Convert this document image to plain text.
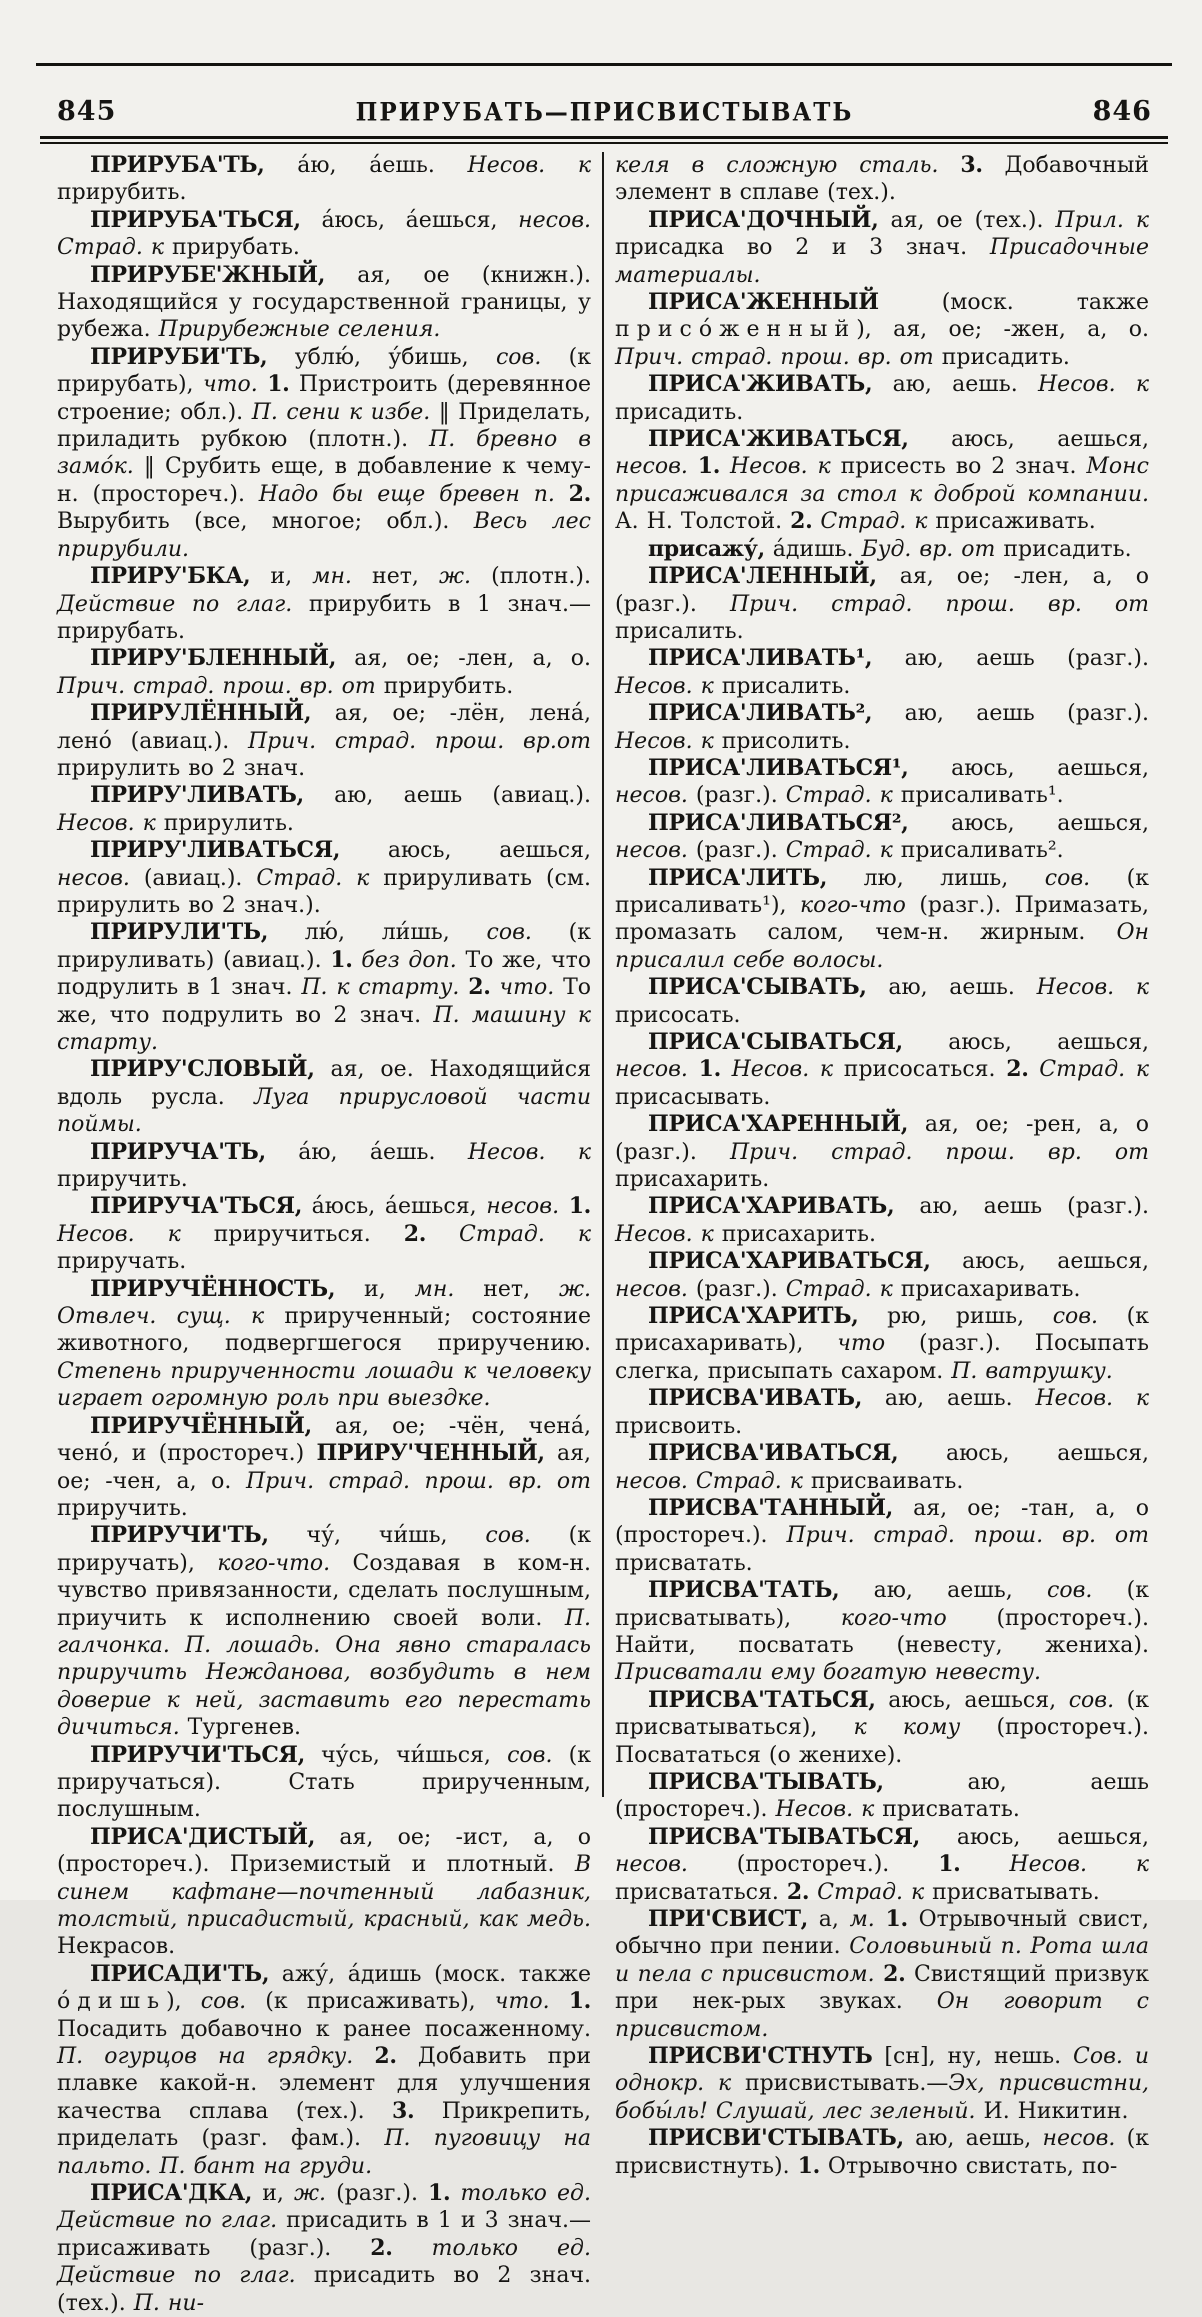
845	ПРИРУБАТЬ—ПРИСВИСТЫВАТЬ	846

ПРИРУБА'ТЬ, а́ю, а́ешь. Несов. к прирубить.

ПРИРУБА'ТЬСЯ, а́юсь, а́ешься, несов. Страд. к прирубать.

ПРИРУБЕ'ЖНЫЙ, ая, ое (книжн.). Находящийся у государственной границы, у рубежа. Прирубежные селения.

ПРИРУБИ'ТЬ, ублю́, у́бишь, сов. (к прирубать), что. 1. Пристроить (деревянное строение; обл.). П. сени к избе. ‖ Приделать, приладить рубкою (плотн.). П. бревно в замо́к. ‖ Срубить еще, в добавление к чему-н. (простореч.). Надо бы еще бревен п. 2. Вырубить (все, многое; обл.). Весь лес прирубили.

ПРИРУ'БКА, и, мн. нет, ж. (плотн.). Действие по глаг. прирубить в 1 знач.—прирубать.

ПРИРУ'БЛЕННЫЙ, ая, ое; -лен, а, о. Прич. страд. прош. вр. от прирубить.

ПРИРУЛЁННЫЙ, ая, ое; -лён, лена́, лено́ (авиац.). Прич. страд. прош. вр.от прирулить во 2 знач.

ПРИРУ'ЛИВАТЬ, аю, аешь (авиац.). Несов. к прирулить.

ПРИРУ'ЛИВАТЬСЯ, аюсь, аешься, несов. (авиац.). Страд. к прируливать (см. прирулить во 2 знач.).

ПРИРУЛИ'ТЬ, лю́, ли́шь, сов. (к прируливать) (авиац.). 1. без доп. То же, что подрулить в 1 знач. П. к старту. 2. что. То же, что подрулить во 2 знач. П. машину к старту.

ПРИРУ'СЛОВЫЙ, ая, ое. Находящийся вдоль русла. Луга прирусловой части поймы.

ПРИРУЧА'ТЬ, а́ю, а́ешь. Несов. к приручить.

ПРИРУЧА'ТЬСЯ, а́юсь, а́ешься, несов. 1. Несов. к приручиться. 2. Страд. к приручать.

ПРИРУЧЁННОСТЬ, и, мн. нет, ж. Отвлеч. сущ. к прирученный; состояние животного, подвергшегося приручению. Степень прирученности лошади к человеку играет огромную роль при выездке.

ПРИРУЧЁННЫЙ, ая, ое; -чён, чена́, чено́, и (простореч.) ПРИРУ'ЧЕННЫЙ, ая, ое; -чен, а, о. Прич. страд. прош. вр. от приручить.

ПРИРУЧИ'ТЬ, чу́, чи́шь, сов. (к приручать), кого-что. Создавая в ком-н. чувство привязанности, сделать послушным, приучить к исполнению своей воли. П. галчонка. П. лошадь. Она явно старалась приручить Нежданова, возбудить в нем доверие к ней, заставить его перестать дичиться. Тургенев.

ПРИРУЧИ'ТЬСЯ, чу́сь, чи́шься, сов. (к приручаться). Стать прирученным, послушным.

ПРИСА'ДИСТЫЙ, ая, ое; -ист, а, о (простореч.). Приземистый и плотный. В синем кафтане—почтенный лабазник, толстый, присадистый, красный, как медь. Некрасов.

ПРИСАДИ'ТЬ, ажу́, а́дишь (моск. также о́дишь), сов. (к присаживать), что. 1. Посадить добавочно к ранее посаженному. П. огурцов на грядку. 2. Добавить при плавке какой-н. элемент для улучшения качества сплава (тех.). 3. Прикрепить, приделать (разг. фам.). П. пуговицу на пальто. П. бант на груди.

ПРИСА'ДКА, и, ж. (разг.). 1. только ед. Действие по глаг. присадить в 1 и 3 знач.—присаживать (разг.). 2. только ед. Действие по глаг. присадить во 2 знач. (тех.). П. ни-

келя в сложную сталь. 3. Добавочный элемент в сплаве (тех.).

ПРИСА'ДОЧНЫЙ, ая, ое (тех.). Прил. к присадка во 2 и 3 знач. Присадочные материалы.

ПРИСА'ЖЕННЫЙ (моск. также присо́женный), ая, ое; -жен, а, о. Прич. страд. прош. вр. от присадить.

ПРИСА'ЖИВАТЬ, аю, аешь. Несов. к присадить.

ПРИСА'ЖИВАТЬСЯ, аюсь, аешься, несов. 1. Несов. к присесть во 2 знач. Монс присаживался за стол к доброй компании. А. Н. Толстой. 2. Страд. к присаживать.

присажу́, а́дишь. Буд. вр. от присадить.

ПРИСА'ЛЕННЫЙ, ая, ое; -лен, а, о (разг.). Прич. страд. прош. вр. от присалить.

ПРИСА'ЛИВАТЬ¹, аю, аешь (разг.). Несов. к присалить.

ПРИСА'ЛИВАТЬ², аю, аешь (разг.). Несов. к присолить.

ПРИСА'ЛИВАТЬСЯ¹, аюсь, аешься, несов. (разг.). Страд. к присаливать¹.

ПРИСА'ЛИВАТЬСЯ², аюсь, аешься, несов. (разг.). Страд. к присаливать².

ПРИСА'ЛИТЬ, лю, лишь, сов. (к присаливать¹), кого-что (разг.). Примазать, промазать салом, чем-н. жирным. Он присалил себе волосы.

ПРИСА'СЫВАТЬ, аю, аешь. Несов. к присосать.

ПРИСА'СЫВАТЬСЯ, аюсь, аешься, несов. 1. Несов. к присосаться. 2. Страд. к присасывать.

ПРИСА'ХАРЕННЫЙ, ая, ое; -рен, а, о (разг.). Прич. страд. прош. вр. от присахарить.

ПРИСА'ХАРИВАТЬ, аю, аешь (разг.). Несов. к присахарить.

ПРИСА'ХАРИВАТЬСЯ, аюсь, аешься, несов. (разг.). Страд. к присахаривать.

ПРИСА'ХАРИТЬ, рю, ришь, сов. (к присахаривать), что (разг.). Посыпать слегка, присыпать сахаром. П. ватрушку.

ПРИСВА'ИВАТЬ, аю, аешь. Несов. к присвоить.

ПРИСВА'ИВАТЬСЯ, аюсь, аешься, несов. Страд. к присваивать.

ПРИСВА'ТАННЫЙ, ая, ое; -тан, а, о (простореч.). Прич. страд. прош. вр. от присватать.

ПРИСВА'ТАТЬ, аю, аешь, сов. (к присватывать), кого-что (простореч.). Найти, посватать (невесту, жениха). Присватали ему богатую невесту.

ПРИСВА'ТАТЬСЯ, аюсь, аешься, сов. (к присватываться), к кому (простореч.). Посвататься (о женихе).

ПРИСВА'ТЫВАТЬ, аю, аешь (простореч.). Несов. к присватать.

ПРИСВА'ТЫВАТЬСЯ, аюсь, аешься, несов. (простореч.). 1. Несов. к присвататься. 2. Страд. к присватывать.

ПРИ'СВИСТ, а, м. 1. Отрывочный свист, обычно при пении. Соловьиный п. Рота шла и пела с присвистом. 2. Свистящий призвук при нек-рых звуках. Он говорит с присвистом.

ПРИСВИ'СТНУТЬ [сн], ну, нешь. Сов. и однокр. к присвистывать.—Эх, присвистни, бобы́ль! Слушай, лес зеленый. И. Никитин.

ПРИСВИ'СТЫВАТЬ, аю, аешь, несов. (к присвистнуть). 1. Отрывочно свистать, по-
